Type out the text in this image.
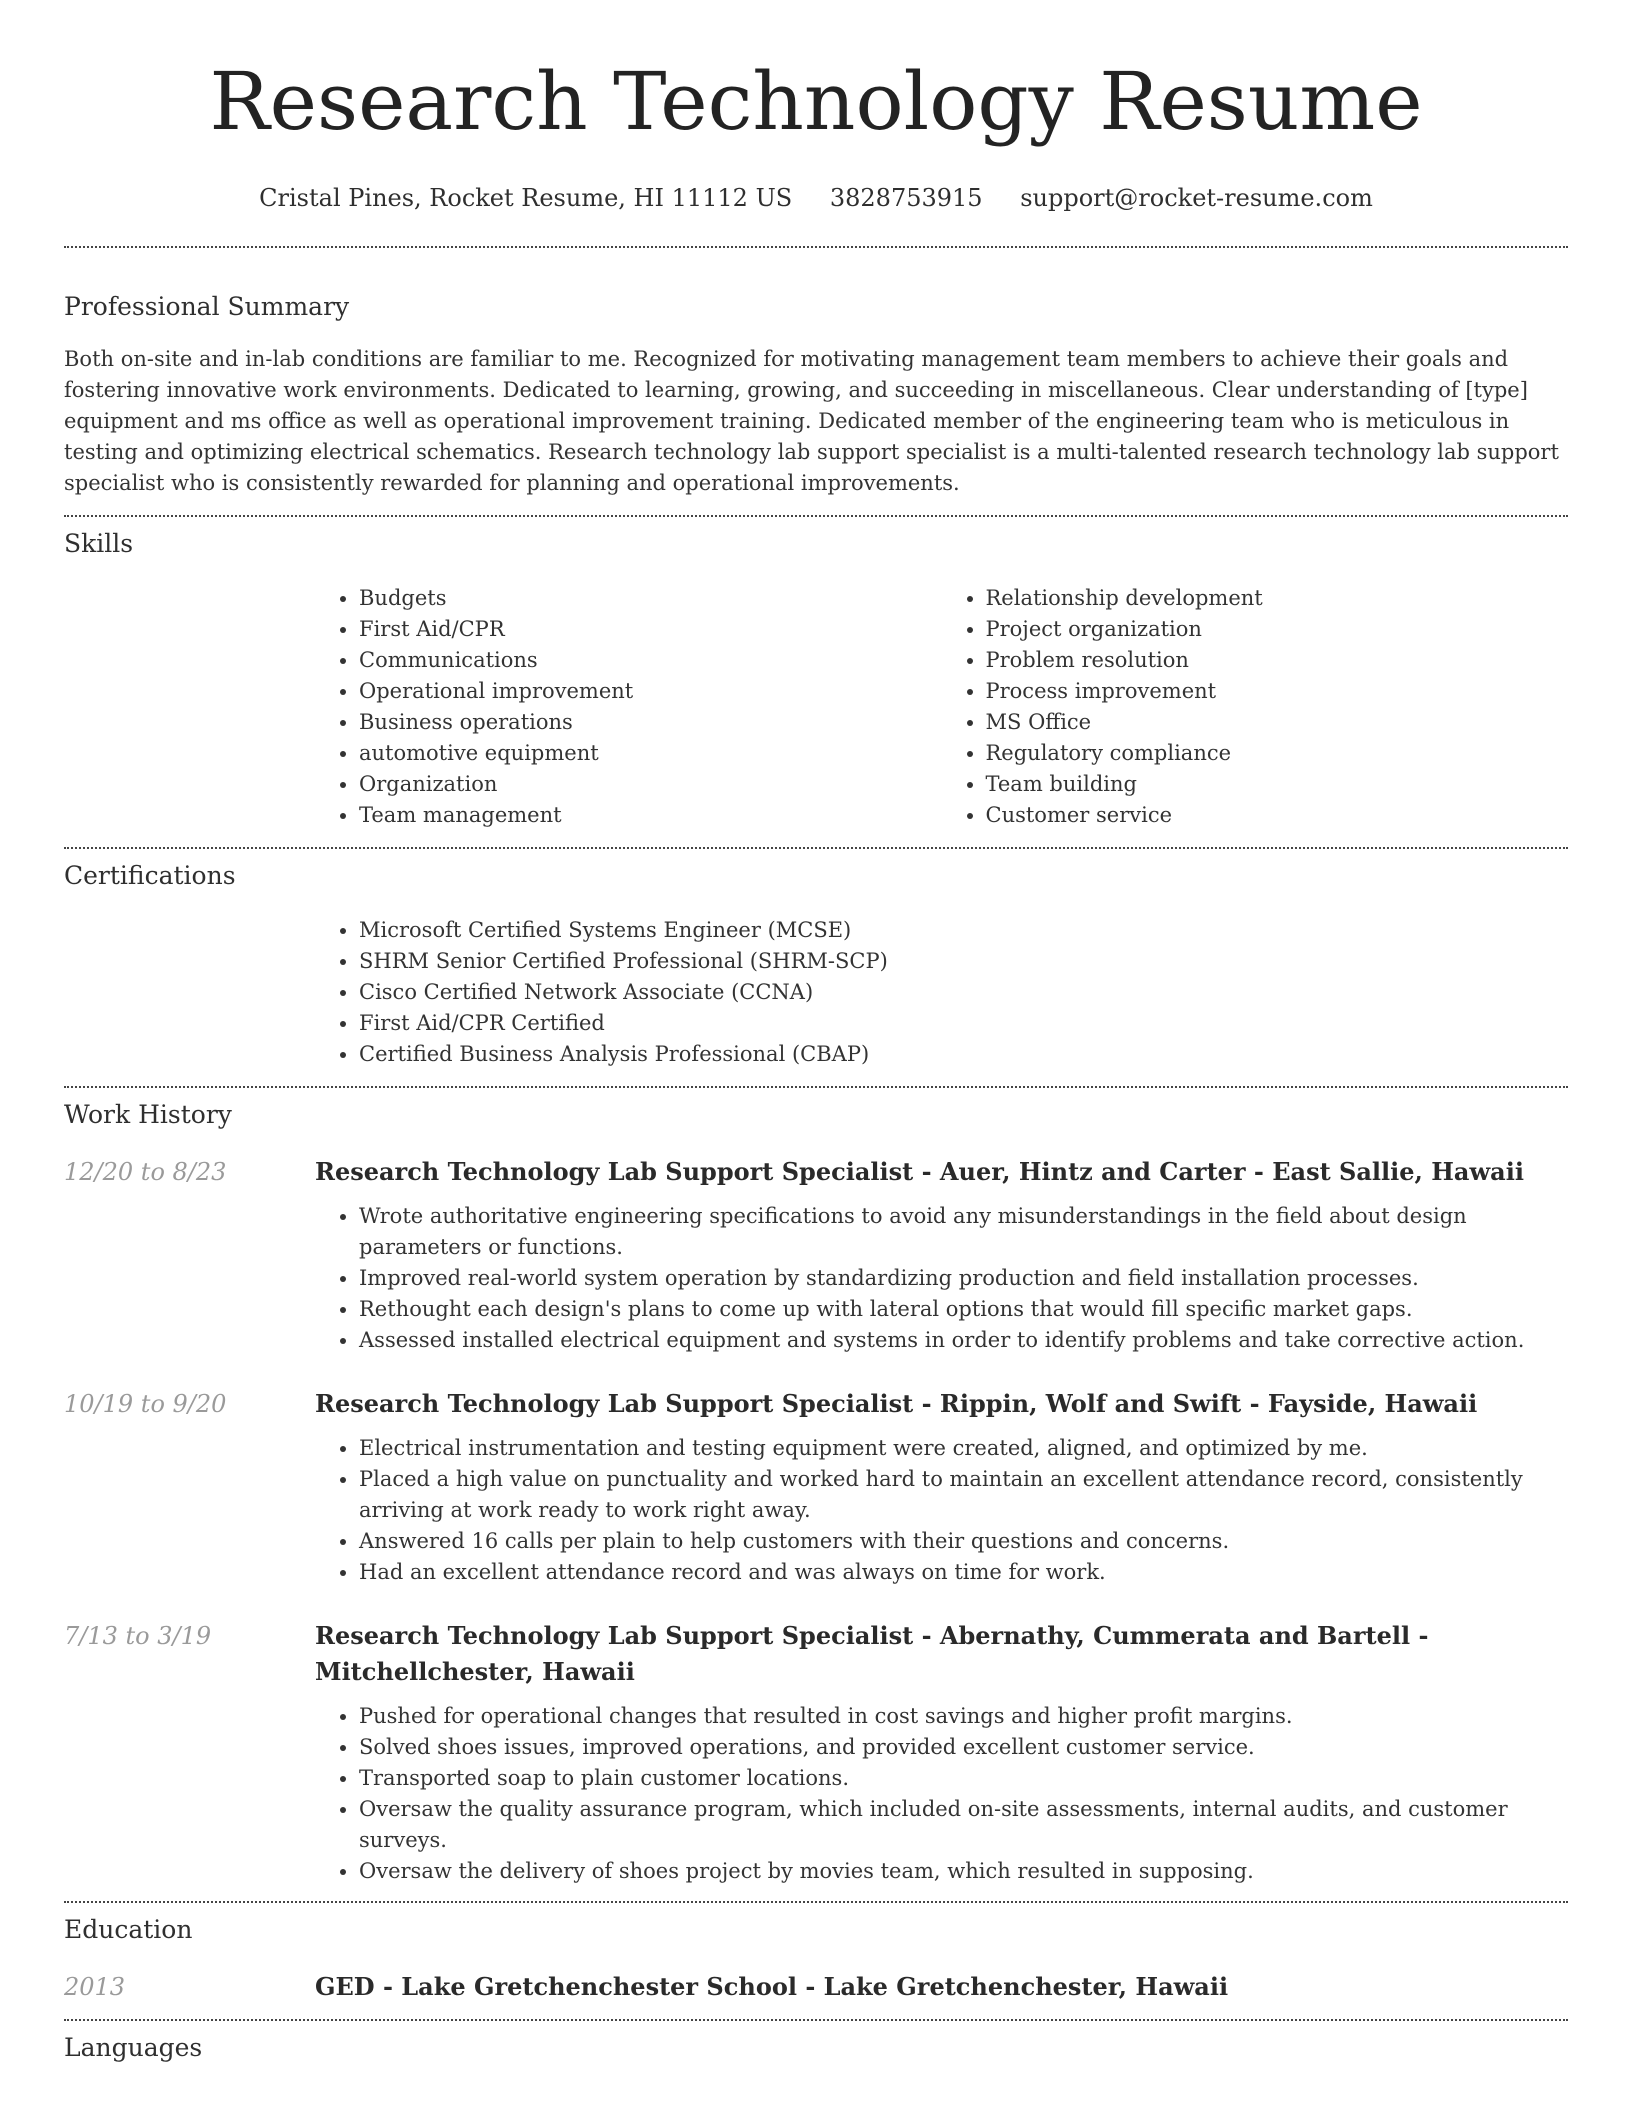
Research Technology Resume
Cristal Pines, Rocket Resume, HI 11112 US 3828753915 support@rocket-resume.com
Professional Summary

Both on-site and in-lab conditions are familiar to me. Recognized for motivating management team members to achieve their goals and fostering innovative work environments. Dedicated to learning, growing, and succeeding in miscellaneous. Clear understanding of [type] equipment and ms office as well as operational improvement training. Dedicated member of the engineering team who is meticulous in testing and optimizing electrical schematics. Research technology lab support specialist is a multi-talented research technology lab support specialist who is consistently rewarded for planning and operational improvements.

Skills
• Budgets
• First Aid/CPR
• Communications
• Operational improvement
• Business operations
• automotive equipment
• Organization
• Team management
• Relationship development
• Project organization
• Problem resolution
• Process improvement
• MS Office
• Regulatory compliance
• Team building
• Customer service
Certifications
• Microsoft Certified Systems Engineer (MCSE)
• SHRM Senior Certified Professional (SHRM-SCP)
• Cisco Certified Network Associate (CCNA)
• First Aid/CPR Certified
• Certified Business Analysis Professional (CBAP)
Work History
12/20 to 8/23	Research Technology Lab Support Specialist - Auer, Hintz and Carter - East Sallie, Hawaii
• Wrote authoritative engineering specifications to avoid any misunderstandings in the field about design parameters or functions.
• Improved real-world system operation by standardizing production and field installation processes.
• Rethought each design's plans to come up with lateral options that would fill specific market gaps.
• Assessed installed electrical equipment and systems in order to identify problems and take corrective action.
10/19 to 9/20	Research Technology Lab Support Specialist - Rippin, Wolf and Swift - Fayside, Hawaii
• Electrical instrumentation and testing equipment were created, aligned, and optimized by me.
• Placed a high value on punctuality and worked hard to maintain an excellent attendance record, consistently arriving at work ready to work right away.
• Answered 16 calls per plain to help customers with their questions and concerns.
• Had an excellent attendance record and was always on time for work.
7/13 to 3/19	Research Technology Lab Support Specialist - Abernathy, Cummerata and Bartell - Mitchellchester, Hawaii
• Pushed for operational changes that resulted in cost savings and higher profit margins.
• Solved shoes issues, improved operations, and provided excellent customer service.
• Transported soap to plain customer locations.
• Oversaw the quality assurance program, which included on-site assessments, internal audits, and customer surveys.
• Oversaw the delivery of shoes project by movies team, which resulted in supposing.
Education
2013	GED - Lake Gretchenchester School - Lake Gretchenchester, Hawaii
Languages
